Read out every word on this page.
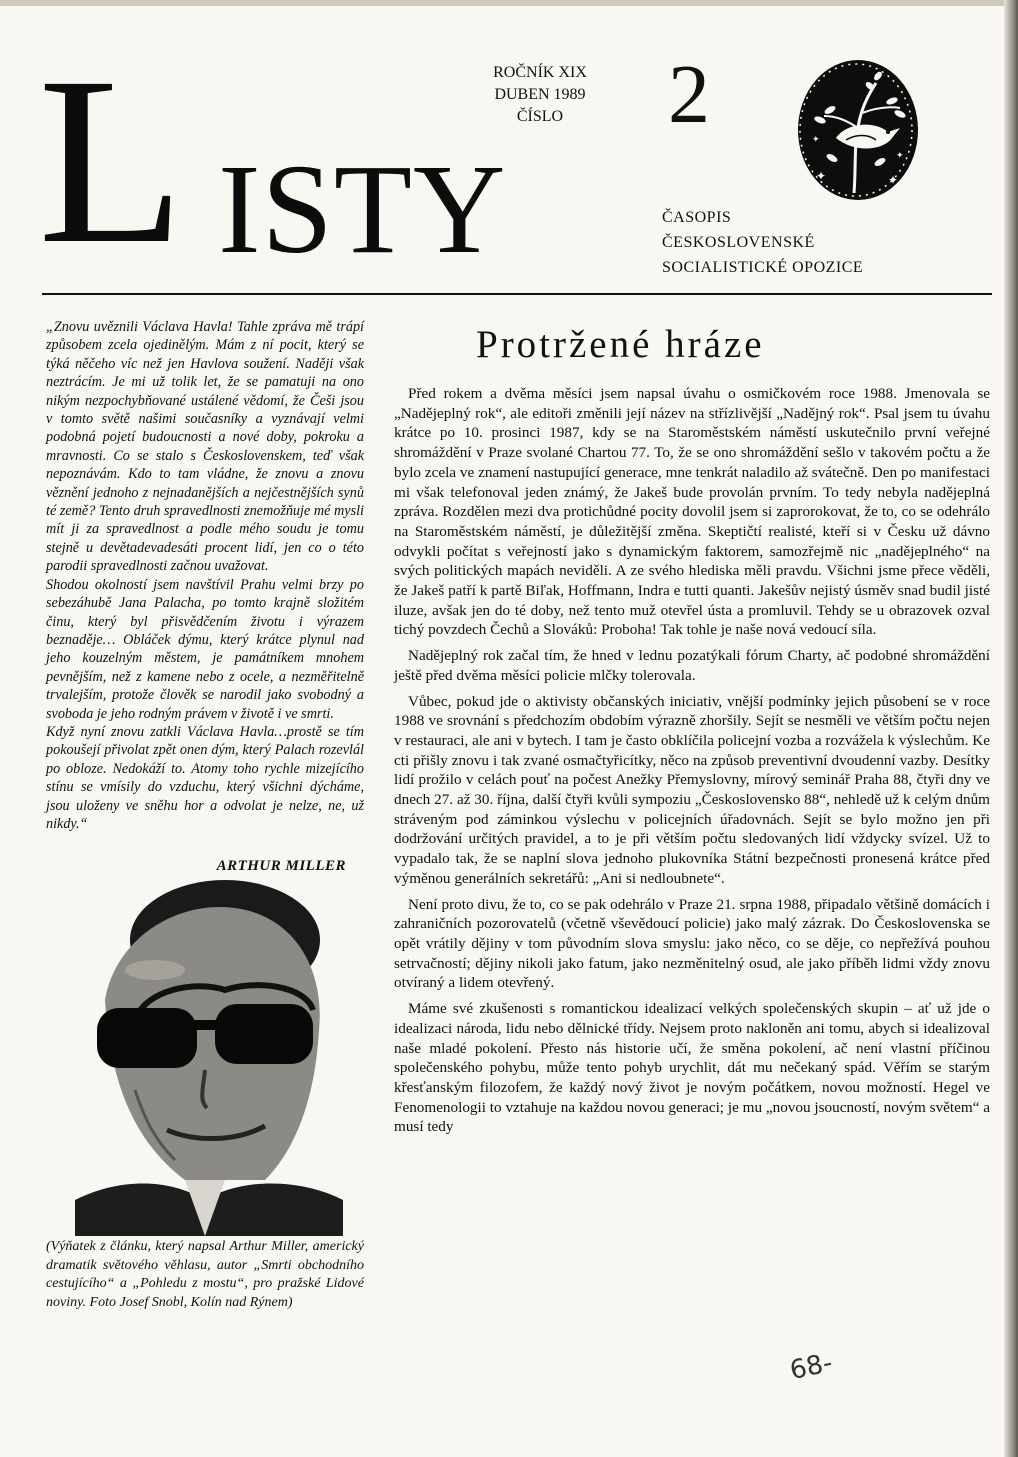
L ISTY
ROČNÍK XIX
DUBEN 1989
ČÍSLO	2
✦	✦
✦
✦
ČASOPIS
ČESKOSLOVENSKÉ
SOCIALISTICKÉ OPOZICE

„Znovu uvěznili Václava Havla! Tahle zpráva mě trápí způsobem zcela ojedinělým. Mám z ní pocit, který se týká něčeho víc než jen Havlova soužení. Naději však neztrácím. Je mi už tolik let, že se pamatuji na ono nikým nezpochybňované ustálené vědomí, že Češi jsou v tomto světě našimi současníky a vyznávají velmi podobná pojetí budoucnosti a nové doby, pokroku a mravnosti. Co se stalo s Československem, teď však nepoznávám. Kdo to tam vládne, že znovu a znovu věznění jednoho z nejnadanějších a nejčestnějších synů té země? Tento druh spravedlnosti znemožňuje mé mysli mít ji za spravedlnost a podle mého soudu je tomu stejně u devětadevadesáti procent lidí, jen co o této parodii spravedlnosti začnou uvažovat.

Shodou okolností jsem navštívil Prahu velmi brzy po sebezáhubě Jana Palacha, po tomto krajně složitém činu, který byl přisvědčením životu i výrazem beznaděje… Obláček dýmu, který krátce plynul nad jeho kouzelným městem, je památníkem mnohem pevnějším, než z kamene nebo z ocele, a nezměřitelně trvalejším, protože člověk se narodil jako svobodný a svoboda je jeho rodným právem v životě i ve smrti.

Když nyní znovu zatkli Václava Havla…prostě se tím pokoušejí přivolat zpět onen dým, který Palach rozevlál po obloze. Nedokáží to. Atomy toho rychle mizejícího stínu se vmísily do vzduchu, který všichni dýcháme, jsou uloženy ve sněhu hor a odvolat je nelze, ne, už nikdy.“

ARTHUR MILLER
(Výňatek z článku, který napsal Arthur Miller, americký dramatik světového věhlasu, autor „Smrti obchodního cestujícího“ a „Pohledu z mostu“, pro pražské Lidové noviny. Foto Josef Snobl, Kolín nad Rýnem)
Protržené hráze

Před rokem a dvěma měsíci jsem napsal úvahu o osmičkovém roce 1988. Jmenovala se „Nadějeplný rok“, ale editoři změnili její název na střízlivější „Nadějný rok“. Psal jsem tu úvahu krátce po 10. prosinci 1987, kdy se na Staroměstském náměstí uskutečnilo první veřejné shromáždění v Praze svolané Chartou 77. To, že se ono shromáždění sešlo v takovém počtu a že bylo zcela ve znamení nastupující generace, mne tenkrát naladilo až svátečně. Den po manifestaci mi však telefonoval jeden známý, že Jakeš bude provolán prvním. To tedy nebyla nadějeplná zpráva. Rozdělen mezi dva protichůdné pocity dovolil jsem si zaprorokovat, že to, co se odehrálo na Staroměstském náměstí, je důležitější změna. Skeptičtí realisté, kteří si v Česku už dávno odvykli počítat s veřejností jako s dynamickým faktorem, samozřejmě nic „nadějeplného“ na svých politických mapách neviděli. A ze svého hlediska měli pravdu. Všichni jsme přece věděli, že Jakeš patří k partě Biľak, Hoffmann, Indra e tutti quanti. Jakešův nejistý úsměv snad budil jisté iluze, avšak jen do té doby, než tento muž otevřel ústa a promluvil. Tehdy se u obrazovek ozval tichý povzdech Čechů a Slováků: Proboha! Tak tohle je naše nová vedoucí síla.

Nadějeplný rok začal tím, že hned v lednu pozatýkali fórum Charty, ač podobné shromáždění ještě před dvěma měsíci policie mlčky tolerovala.

Vůbec, pokud jde o aktivisty občanských iniciativ, vnější podmínky jejich působení se v roce 1988 ve srovnání s předchozím obdobím výrazně zhoršily. Sejít se nesměli ve větším počtu nejen v restauraci, ale ani v bytech. I tam je často obklíčila policejní vozba a rozvážela k výslechům. Ke cti přišly znovu i tak zvané osmačtyřicítky, něco na způsob preventivní dvoudenní vazby. Desítky lidí prožilo v celách pouť na počest Anežky Přemyslovny, mírový seminář Praha 88, čtyři dny ve dnech 27. až 30. října, další čtyři kvůli sympoziu „Československo 88“, nehledě už k celým dnům stráveným pod záminkou výslechu v policejních úřadovnách. Sejít se bylo možno jen při dodržování určitých pravidel, a to je při větším počtu sledovaných lidí vždycky svízel. Už to vypadalo tak, že se naplní slova jednoho plukovníka Státní bezpečnosti pronesená krátce před výměnou generálních sekretářů: „Ani si nedloubnete“.

Není proto divu, že to, co se pak odehrálo v Praze 21. srpna 1988, připadalo většině domácích i zahraničních pozorovatelů (včetně vševědoucí policie) jako malý zázrak. Do Československa se opět vrátily dějiny v tom původním slova smyslu: jako něco, co se děje, co nepřežívá pouhou setrvačností; dějiny nikoli jako fatum, jako nezměnitelný osud, ale jako příběh lidmi vždy znovu otvíraný a lidem otevřený.

Máme své zkušenosti s romantickou idealizací velkých společenských skupin – ať už jde o idealizaci národa, lidu nebo dělnické třídy. Nejsem proto nakloněn ani tomu, abych si idealizoval naše mladé pokolení. Přesto nás historie učí, že směna pokolení, ač není vlastní příčinou společenského pohybu, může tento pohyb urychlit, dát mu nečekaný spád. Věřím se starým křesťanským filozofem, že každý nový život je novým počátkem, novou možností. Hegel ve Fenomenologii to vztahuje na každou novou generaci; je mu „novou jsoucností, novým světem“ a musí tedy

68-
